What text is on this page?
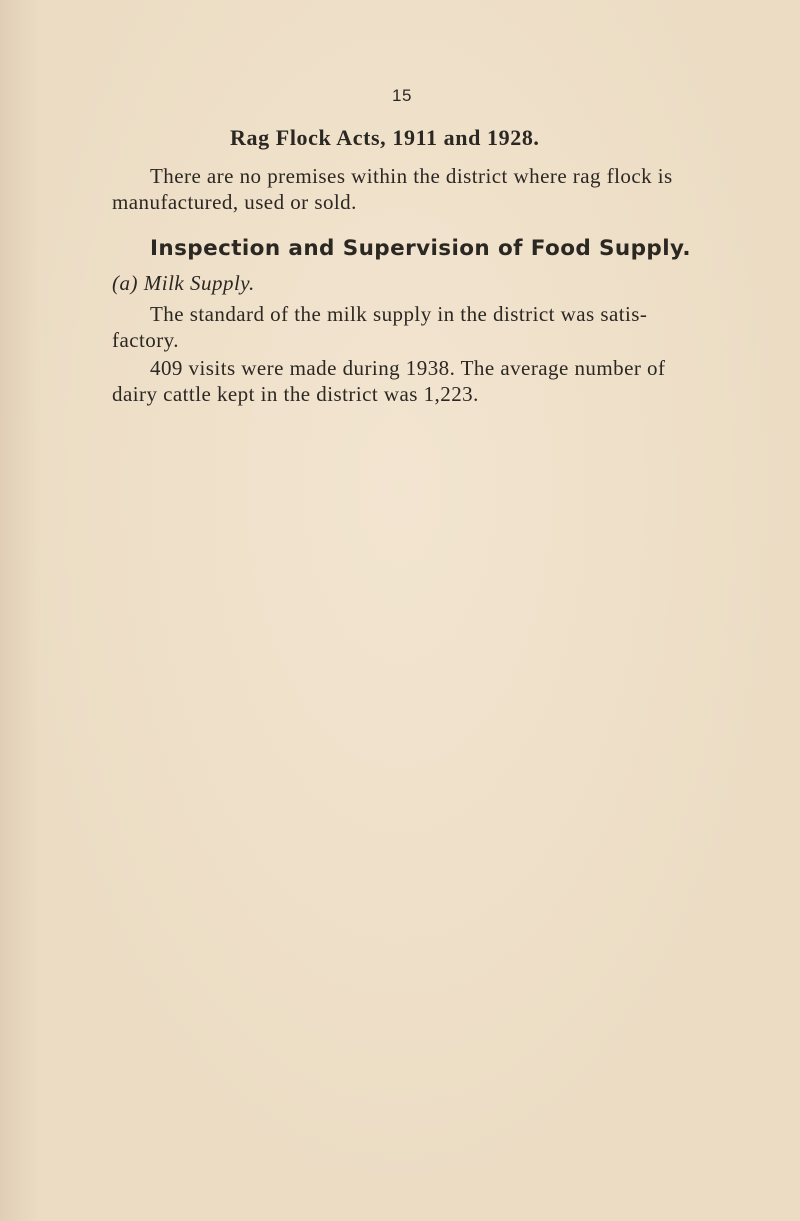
15
Rag Flock Acts, 1911 and 1928.
There are no premises within the district where rag flock is
manufactured, used or sold.
Inspection and Supervision of Food Supply.
(a) Milk Supply.
The standard of the milk supply in the district was satis-
factory.
409 visits were made during 1938. The average number of
dairy cattle kept in the district was 1,223.
